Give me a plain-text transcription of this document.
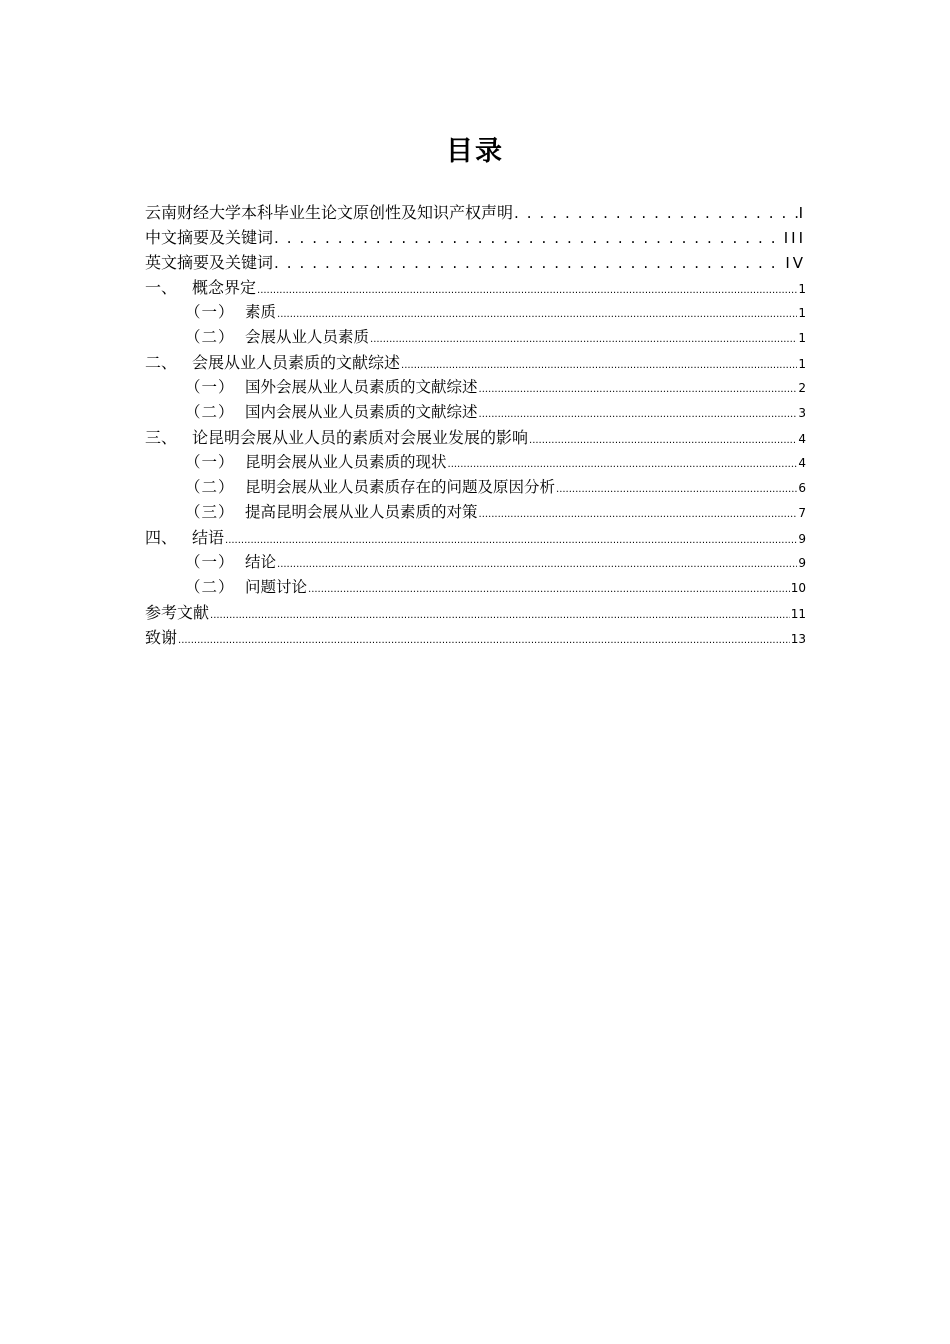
目录
云南财经大学本科毕业生论文原创性及知识产权声明 . . .	I
中文摘要及关键词 . . .	III
英文摘要及关键词 . . .	IV
一、 概念界定 .....	1
（一） 素质 .....	1
（二） 会展从业人员素质 .....	1
二、 会展从业人员素质的文献综述 .....	1
（一） 国外会展从业人员素质的文献综述 .....	2
（二） 国内会展从业人员素质的文献综述 .....	3
三、 论昆明会展从业人员的素质对会展业发展的影响 .....	4
（一） 昆明会展从业人员素质的现状 .....	4
（二） 昆明会展从业人员素质存在的问题及原因分析 .....	6
（三） 提高昆明会展从业人员素质的对策 .....	7
四、 结语 .....	9
（一） 结论 .....	9
（二） 问题讨论 .....	10
参考文献 .....	11
致谢 .....	13
